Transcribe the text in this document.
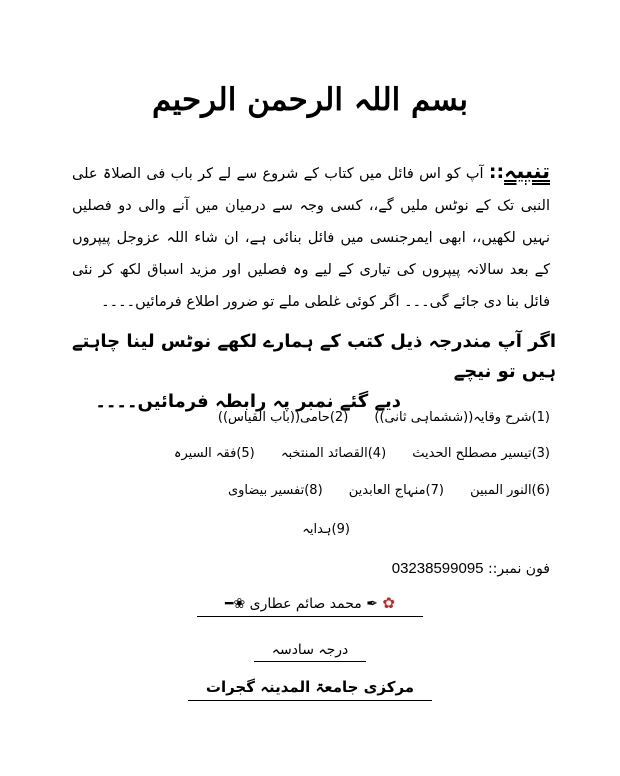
بسم اللہ الرحمن الرحیم
تنبیہ:: آپ کو اس فائل میں کتاب کے شروع سے لے کر باب فی الصلاۃ علی النبی تک کے نوٹس ملیں گے،، کسی وجہ سے درمیان میں آنے والی دو فصلیں نہیں لکھیں،، ابھی ایمرجنسی میں فائل بنائی ہے، ان شاء اللہ عزوجل پیپروں کے بعد سالانہ پیپروں کی تیاری کے لیے وہ فصلیں اور مزید اسباق لکھ کر نئی فائل بنا دی جائے گی۔۔۔ اگر کوئی غلطی ملے تو ضرور اطلاع فرمائیں۔۔۔۔
اگر آپ مندرجہ ذیل کتب کے ہمارے لکھے نوٹس لینا چاہتے ہیں تو نیچے
دیے گئے نمبر پہ رابطہ فرمائیں۔۔۔۔
(1)شرح وقایہ((ششماہی ثانی)) (2)حامی((باب القیاس))
(3)تیسیر مصطلح الحدیث (4)القصائد المنتخبہ (5)فقہ السیرہ
(6)النور المبین (7)منہاج العابدین (8)تفسیر بیضاوی
(9)ہدایہ
فون نمبر:: 03238599095
✿ ✒ محمد صائم عطاری ❀━
درجہ سادسہ
مرکزی جامعۃ المدینہ گجرات
